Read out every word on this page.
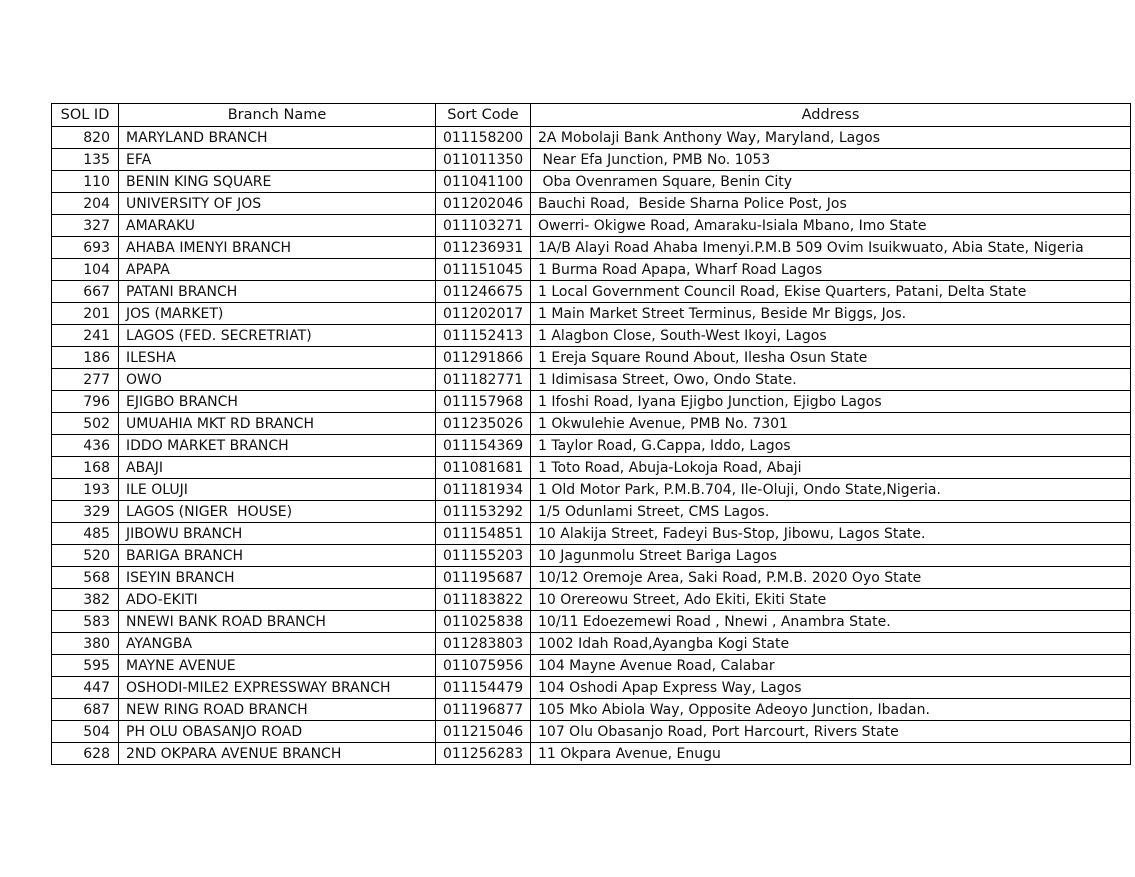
SOL ID	Branch Name	Sort Code	Address
820	MARYLAND BRANCH	011158200	2A Mobolaji Bank Anthony Way, Maryland, Lagos
135	EFA	011011350	Near Efa Junction, PMB No. 1053
110	BENIN KING SQUARE	011041100	Oba Ovenramen Square, Benin City
204	UNIVERSITY OF JOS	011202046	Bauchi Road,  Beside Sharna Police Post, Jos
327	AMARAKU	011103271	Owerri- Okigwe Road, Amaraku-Isiala Mbano, Imo State
693	AHABA IMENYI BRANCH	011236931	1A/B Alayi Road Ahaba Imenyi.P.M.B 509 Ovim Isuikwuato, Abia State, Nigeria
104	APAPA	011151045	1 Burma Road Apapa, Wharf Road Lagos
667	PATANI BRANCH	011246675	1 Local Government Council Road, Ekise Quarters, Patani, Delta State
201	JOS (MARKET)	011202017	1 Main Market Street Terminus, Beside Mr Biggs, Jos.
241	LAGOS (FED. SECRETRIAT)	011152413	1 Alagbon Close, South-West Ikoyi, Lagos
186	ILESHA	011291866	1 Ereja Square Round About, Ilesha Osun State
277	OWO	011182771	1 Idimisasa Street, Owo, Ondo State.
796	EJIGBO BRANCH	011157968	1 Ifoshi Road, Iyana Ejigbo Junction, Ejigbo Lagos
502	UMUAHIA MKT RD BRANCH	011235026	1 Okwulehie Avenue, PMB No. 7301
436	IDDO MARKET BRANCH	011154369	1 Taylor Road, G.Cappa, Iddo, Lagos
168	ABAJI	011081681	1 Toto Road, Abuja-Lokoja Road, Abaji
193	ILE OLUJI	011181934	1 Old Motor Park, P.M.B.704, Ile-Oluji, Ondo State,Nigeria.
329	LAGOS (NIGER  HOUSE)	011153292	1/5 Odunlami Street, CMS Lagos.
485	JIBOWU BRANCH	011154851	10 Alakija Street, Fadeyi Bus-Stop, Jibowu, Lagos State.
520	BARIGA BRANCH	011155203	10 Jagunmolu Street Bariga Lagos
568	ISEYIN BRANCH	011195687	10/12 Oremoje Area, Saki Road, P.M.B. 2020 Oyo State
382	ADO-EKITI	011183822	10 Orereowu Street, Ado Ekiti, Ekiti State
583	NNEWI BANK ROAD BRANCH	011025838	10/11 Edoezemewi Road , Nnewi , Anambra State.
380	AYANGBA	011283803	1002 Idah Road,Ayangba Kogi State
595	MAYNE AVENUE	011075956	104 Mayne Avenue Road, Calabar
447	OSHODI-MILE2 EXPRESSWAY BRANCH	011154479	104 Oshodi Apap Express Way, Lagos
687	NEW RING ROAD BRANCH	011196877	105 Mko Abiola Way, Opposite Adeoyo Junction, Ibadan.
504	PH OLU OBASANJO ROAD	011215046	107 Olu Obasanjo Road, Port Harcourt, Rivers State
628	2ND OKPARA AVENUE BRANCH	011256283	11 Okpara Avenue, Enugu
